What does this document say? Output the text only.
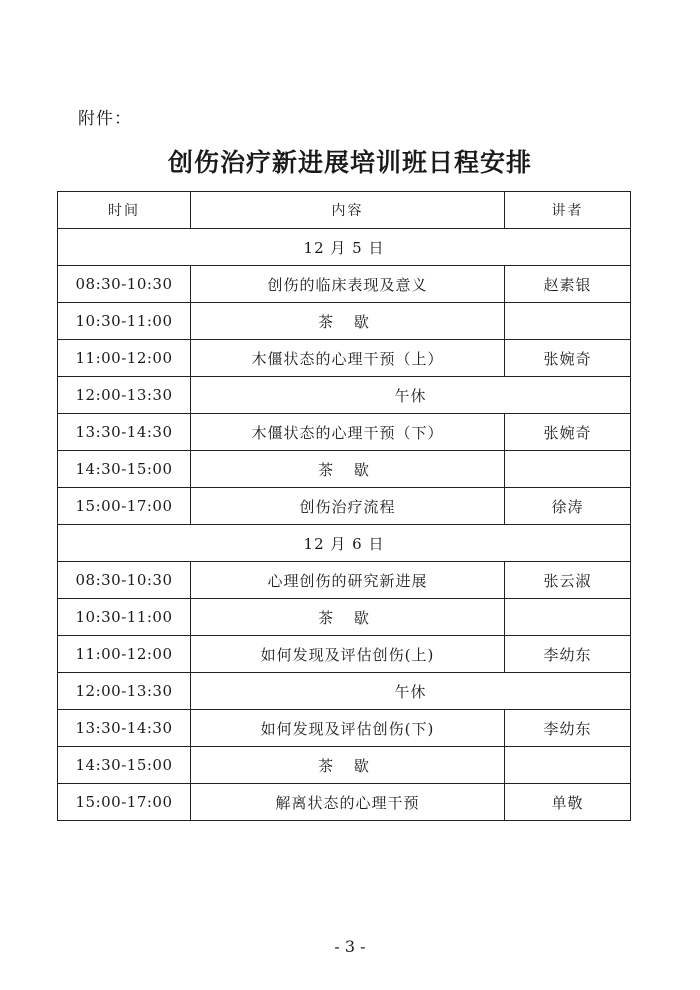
附件：
创伤治疗新进展培训班日程安排
时间	内容	讲者
12 月 5 日		
08:30-10:30	创伤的临床表现及意义	赵素银
10:30-11:00	茶 歇	
11:00-12:00	木僵状态的心理干预（上）	张婉奇
12:00-13:30	午休	
13:30-14:30	木僵状态的心理干预（下）	张婉奇
14:30-15:00	茶 歇	
15:00-17:00	创伤治疗流程	徐涛
12 月 6 日		
08:30-10:30	心理创伤的研究新进展	张云淑
10:30-11:00	茶 歇	
11:00-12:00	如何发现及评估创伤(上)	李幼东
12:00-13:30	午休	
13:30-14:30	如何发现及评估创伤(下)	李幼东
14:30-15:00	茶 歇	
15:00-17:00	解离状态的心理干预	单敬
- 3 -
